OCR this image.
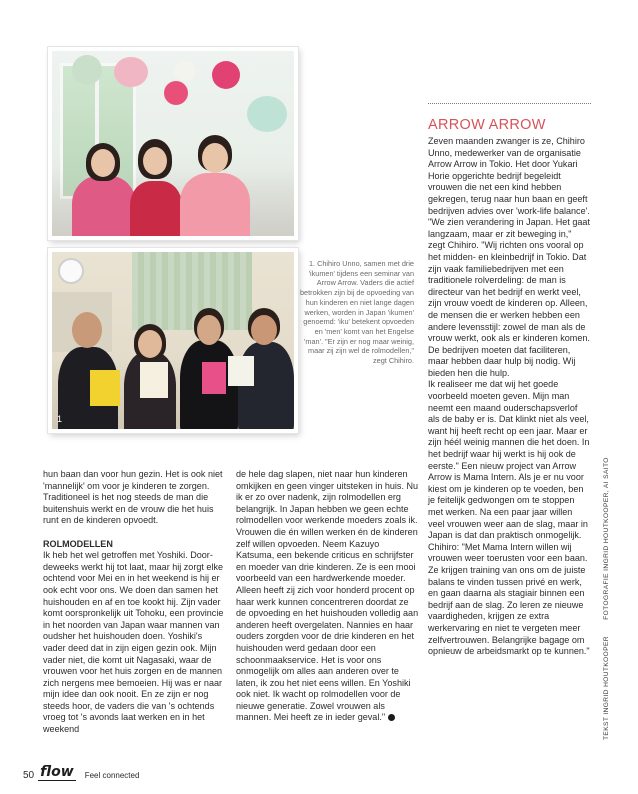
1
1. Chihiro Unno, samen met drie 'ikumen' tijdens een seminar van Arrow Arrow. Vaders die actief betrokken zijn bij de opvoeding van hun kinderen en niet lange dagen werken, worden in Japan 'ikumen' genoemd: 'iku' betekent opvoeden en 'men' komt van het Engelse 'man'. "Er zijn er nog maar weinig, maar zij zijn wel de rolmodellen," zegt Chihiro.
ARROW ARROW

Zeven maanden zwanger is ze, Chihiro Unno, medewerker van de organisatie Arrow Arrow in Tokio. Het door Yukari Horie opgerichte bedrijf begeleidt vrouwen die net een kind hebben gekregen, terug naar hun baan en geeft bedrijven advies over 'work-life balance'. "We zien verandering in Japan. Het gaat langzaam, maar er zit beweging in," zegt Chihiro. "Wij richten ons vooral op het midden- en kleinbedrijf in Tokio. Dat zijn vaak familiebedrijven met een traditionele rolverdeling: de man is directeur van het bedrijf en werkt veel, zijn vrouw voedt de kinderen op. Alleen, de mensen die er werken hebben een andere levensstijl: zowel de man als de vrouw werkt, ook als er kinderen komen. De bedrijven moeten dat faciliteren, maar hebben daar hulp bij nodig. Wij bieden hen die hulp.

Ik realiseer me dat wij het goede voorbeeld moeten geven. Mijn man neemt een maand ouderschapsverlof als de baby er is. Dat klinkt niet als veel, want hij heeft recht op een jaar. Maar er zijn héél weinig mannen die het doen. In het bedrijf waar hij werkt is hij ook de eerste." Een nieuw project van Arrow Arrow is Mama Intern. Als je er nu voor kiest om je kinderen op te voeden, ben je feitelijk gedwongen om te stoppen met werken. Na een paar jaar willen veel vrouwen weer aan de slag, maar in Japan is dat dan praktisch onmogelijk. Chihiro: "Met Mama Intern willen wij vrouwen weer toerusten voor een baan. Ze krijgen training van ons om de juiste balans te vinden tussen privé en werk, en gaan daarna als stagiair binnen een bedrijf aan de slag. Zo leren ze nieuwe vaardigheden, krijgen ze extra werkervaring en niet te vergeten meer zelfvertrouwen. Belangrijke bagage om opnieuw de arbeidsmarkt op te kunnen."

hun baan dan voor hun gezin. Het is ook niet 'mannelijk' om voor je kinderen te zorgen. Traditioneel is het nog steeds de man die buitenshuis werkt en de vrouw die het huis runt en de kinderen opvoedt.

ROLMODELLEN

Ik heb het wel getroffen met Yoshiki. Doordeweeks werkt hij tot laat, maar hij zorgt elke ochtend voor Mei en in het weekend is hij er ook echt voor ons. We doen dan samen het huishouden en af en toe kookt hij. Zijn vader komt oorspronkelijk uit Tohoku, een provincie in het noorden van Japan waar mannen van oudsher het huishouden doen. Yoshiki's vader deed dat in zijn eigen gezin ook. Mijn vader niet, die komt uit Nagasaki, waar de vrouwen voor het huis zorgen en de mannen zich nergens mee bemoeien. Hij was er naar mijn idee dan ook nooit. En ze zijn er nog steeds hoor, de vaders die van 's ochtends vroeg tot 's avonds laat werken en in het weekend

de hele dag slapen, niet naar hun kinderen omkijken en geen vinger uitsteken in huis. Nu ik er zo over nadenk, zijn rolmodellen erg belangrijk. In Japan hebben we geen echte rolmodellen voor werkende moeders zoals ik. Vrouwen die én willen werken én de kinderen zelf willen opvoeden. Neem Kazuyo Katsuma, een bekende criticus en schrijfster en moeder van drie kinderen. Ze is een mooi voorbeeld van een hardwerkende moeder. Alleen heeft zij zich voor honderd procent op haar werk kunnen concentreren doordat ze de opvoeding en het huishouden volledig aan anderen heeft overgelaten. Nannies en haar ouders zorgden voor de drie kinderen en het huishouden werd gedaan door een schoonmaakservice. Het is voor ons onmogelijk om alles aan anderen over te laten, ik zou het niet eens willen. En Yoshiki ook niet. Ik wacht op rolmodellen voor de nieuwe generatie. Zowel vrouwen als mannen. Mei heeft ze in ieder geval."	TEKST INGRID HOUTKOOPER FOTOGRAFIE INGRID HOUTKOOPER, AI SAITO
50 flow Feel connected
